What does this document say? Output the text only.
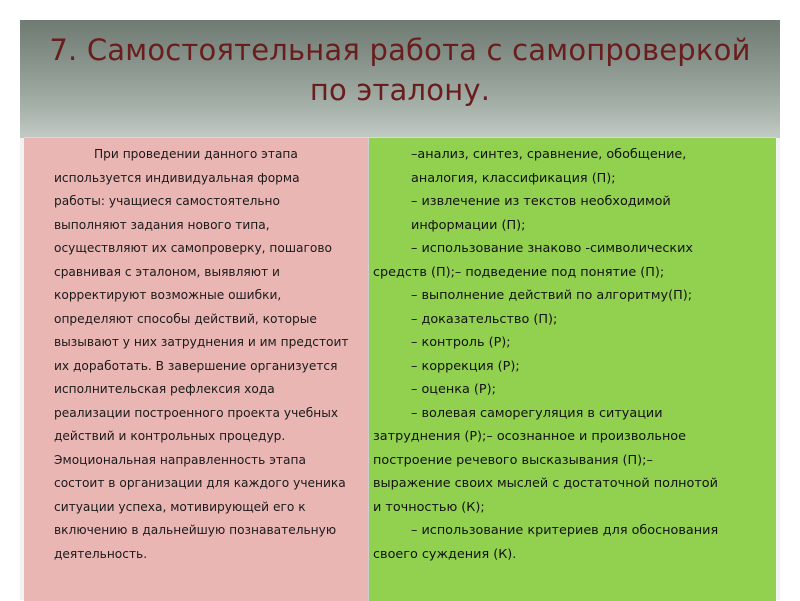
7. Самостоятельная работа с самопроверкой
по эталону.

При проведении данного этапа
используется индивидуальная форма
работы: учащиеся самостоятельно
выполняют задания нового типа,
осуществляют их самопроверку, пошагово
сравнивая с эталоном, выявляют и
корректируют возможные ошибки,
определяют способы действий, которые
вызывают у них затруднения и им предстоит
их доработать. В завершение организуется
исполнительская рефлексия хода
реализации построенного проекта учебных
действий и контрольных процедур.
Эмоциональная направленность этапа
состоит в организации для каждого ученика
ситуации успеха, мотивирующей его к
включению в дальнейшую познавательную
деятельность.

–анализ, синтез, сравнение, обобщение,
аналогия, классификация (П);
– извлечение из текстов необходимой
информации (П);
– использование знаково -символических
средств (П);– подведение под понятие (П);
– выполнение действий по алгоритму(П);
– доказательство (П);
– контроль (Р);
– коррекция (Р);
– оценка (Р);
– волевая саморегуляция в ситуации
затруднения (Р);– осознанное и произвольное
построение речевого высказывания (П);–
выражение своих мыслей с достаточной полнотой
и точностью (К);
– использование критериев для обоснования
своего суждения (К).
